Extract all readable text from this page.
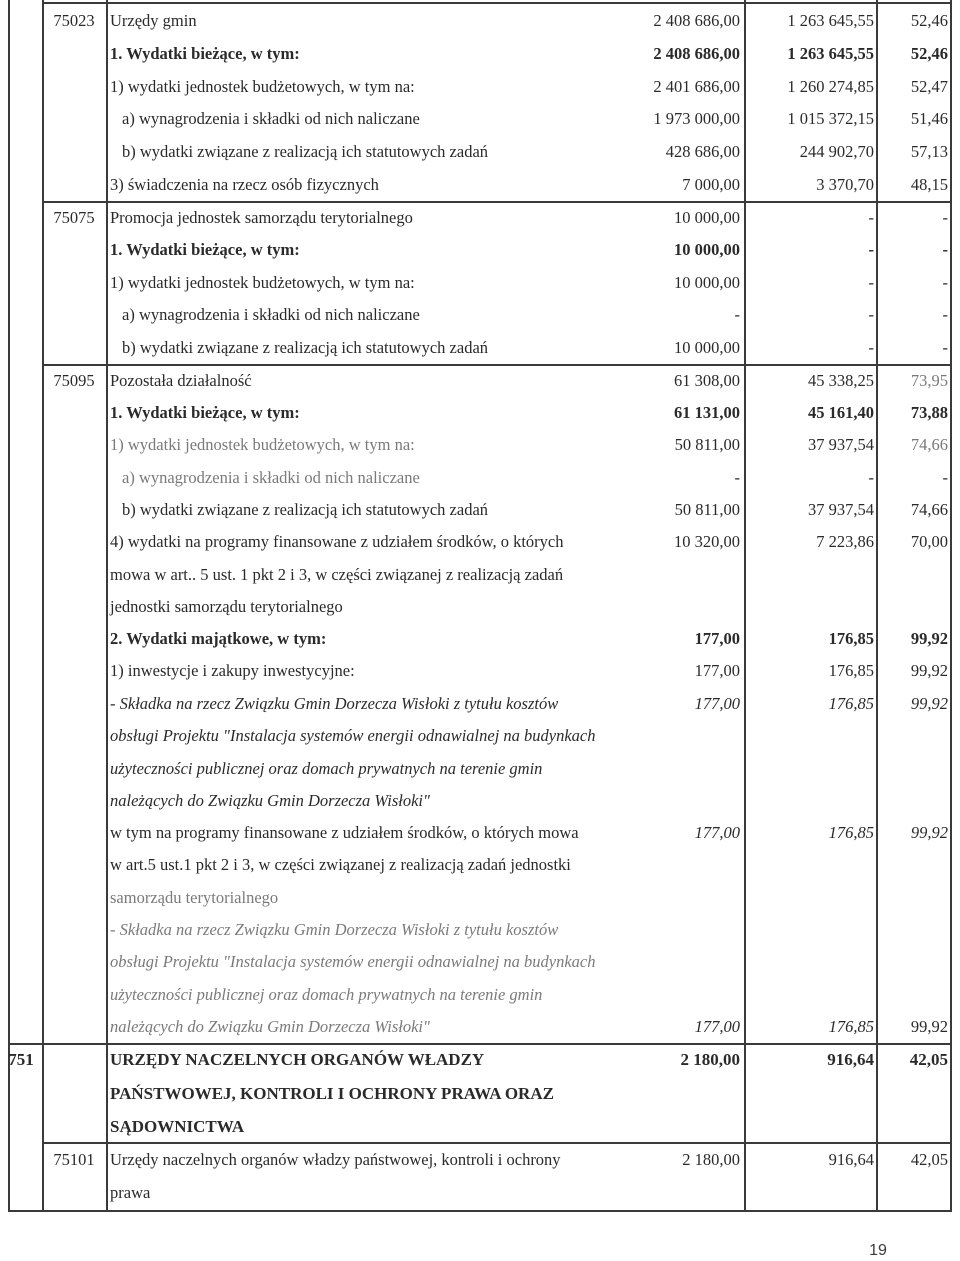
75023 Urzędy gmin	2 408 686,00	1 263 645,55	52,46
1. Wydatki bieżące, w tym:	2 408 686,00	1 263 645,55	52,46
1) wydatki jednostek budżetowych, w tym na:	2 401 686,00	1 260 274,85	52,47
a) wynagrodzenia i składki od nich naliczane	1 973 000,00	1 015 372,15	51,46
b) wydatki związane z realizacją ich statutowych zadań	428 686,00	244 902,70	57,13
3) świadczenia na rzecz osób fizycznych	7 000,00	3 370,70	48,15
75075 Promocja jednostek samorządu terytorialnego	10 000,00	-	-
1. Wydatki bieżące, w tym:	10 000,00	-	-
1) wydatki jednostek budżetowych, w tym na:	10 000,00	-	-
a) wynagrodzenia i składki od nich naliczane	-	-	-
b) wydatki związane z realizacją ich statutowych zadań	10 000,00	-	-
75095 Pozostała działalność	61 308,00	45 338,25	73,95
1. Wydatki bieżące, w tym:	61 131,00	45 161,40	73,88
1) wydatki jednostek budżetowych, w tym na:	50 811,00	37 937,54	74,66
a) wynagrodzenia i składki od nich naliczane	-	-	-
b) wydatki związane z realizacją ich statutowych zadań	50 811,00	37 937,54	74,66
4) wydatki na programy finansowane z udziałem środków, o których	10 320,00	7 223,86	70,00
mowa w art.. 5 ust. 1 pkt 2 i 3, w części związanej z realizacją zadań
jednostki samorządu terytorialnego
2. Wydatki majątkowe, w tym:	177,00	176,85	99,92
1) inwestycje i zakupy inwestycyjne:	177,00	176,85	99,92
- Składka na rzecz Związku Gmin Dorzecza Wisłoki z tytułu kosztów	177,00	176,85	99,92
obsługi Projektu "Instalacja systemów energii odnawialnej na budynkach
użyteczności publicznej oraz domach prywatnych na terenie gmin
należących do Związku Gmin Dorzecza Wisłoki"
w tym na programy finansowane z udziałem środków, o których mowa	177,00	176,85	99,92
w art.5 ust.1 pkt 2 i 3, w części związanej z realizacją zadań jednostki
samorządu terytorialnego
- Składka na rzecz Związku Gmin Dorzecza Wisłoki z tytułu kosztów
obsługi Projektu "Instalacja systemów energii odnawialnej na budynkach
użyteczności publicznej oraz domach prywatnych na terenie gmin
należących do Związku Gmin Dorzecza Wisłoki"	177,00	176,85	99,92
751	URZĘDY NACZELNYCH ORGANÓW WŁADZY	2 180,00	916,64	42,05
PAŃSTWOWEJ, KONTROLI I OCHRONY PRAWA ORAZ
SĄDOWNICTWA
75101 Urzędy naczelnych organów władzy państwowej, kontroli i ochrony	2 180,00	916,64	42,05
prawa
19
